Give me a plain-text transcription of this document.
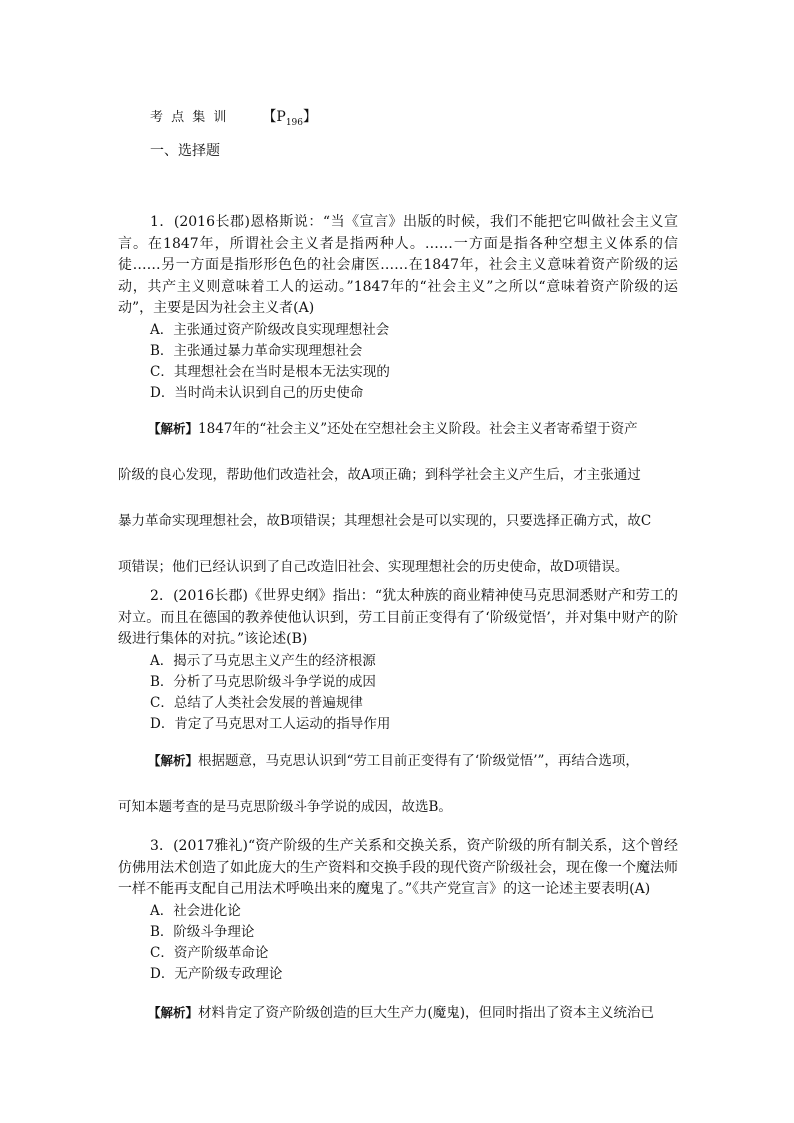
考 点 集 训 【$P_{196}$】
一、选择题
1．(2016长郡)恩格斯说：“当《宣言》出版的时候，我们不能把它叫做社会主义宣言。在1847年，所谓社会主义者是指两种人。……一方面是指各种空想主义体系的信徒……另一方面是指形形色色的社会庸医……在1847年，社会主义意味着资产阶级的运动，共产主义则意味着工人的运动。”1847年的“社会主义”之所以“意味着资产阶级的运动”，主要是因为社会主义者(A)
A．主张通过资产阶级改良实现理想社会
B．主张通过暴力革命实现理想社会
C．其理想社会在当时是根本无法实现的
D．当时尚未认识到自己的历史使命

【解析】1847年的“社会主义”还处在空想社会主义阶段。社会主义者寄希望于资产

阶级的良心发现，帮助他们改造社会，故A项正确；到科学社会主义产生后，才主张通过

暴力革命实现理想社会，故B项错误；其理想社会是可以实现的，只要选择正确方式，故C

项错误；他们已经认识到了自己改造旧社会、实现理想社会的历史使命，故D项错误。

2．(2016长郡)《世界史纲》指出：“犹太种族的商业精神使马克思洞悉财产和劳工的对立。而且在德国的教养使他认识到，劳工目前正变得有了‘阶级觉悟’，并对集中财产的阶级进行集体的对抗。”该论述(B)
A．揭示了马克思主义产生的经济根源
B．分析了马克思阶级斗争学说的成因
C．总结了人类社会发展的普遍规律
D．肯定了马克思对工人运动的指导作用

【解析】根据题意，马克思认识到“劳工目前正变得有了‘阶级觉悟’”，再结合选项，

可知本题考查的是马克思阶级斗争学说的成因，故选B。

3．(2017雅礼)“资产阶级的生产关系和交换关系，资产阶级的所有制关系，这个曾经仿佛用法术创造了如此庞大的生产资料和交换手段的现代资产阶级社会，现在像一个魔法师一样不能再支配自己用法术呼唤出来的魔鬼了。”《共产党宣言》的这一论述主要表明(A)
A．社会进化论
B．阶级斗争理论
C．资产阶级革命论
D．无产阶级专政理论

【解析】材料肯定了资产阶级创造的巨大生产力(魔鬼)，但同时指出了资本主义统治已
